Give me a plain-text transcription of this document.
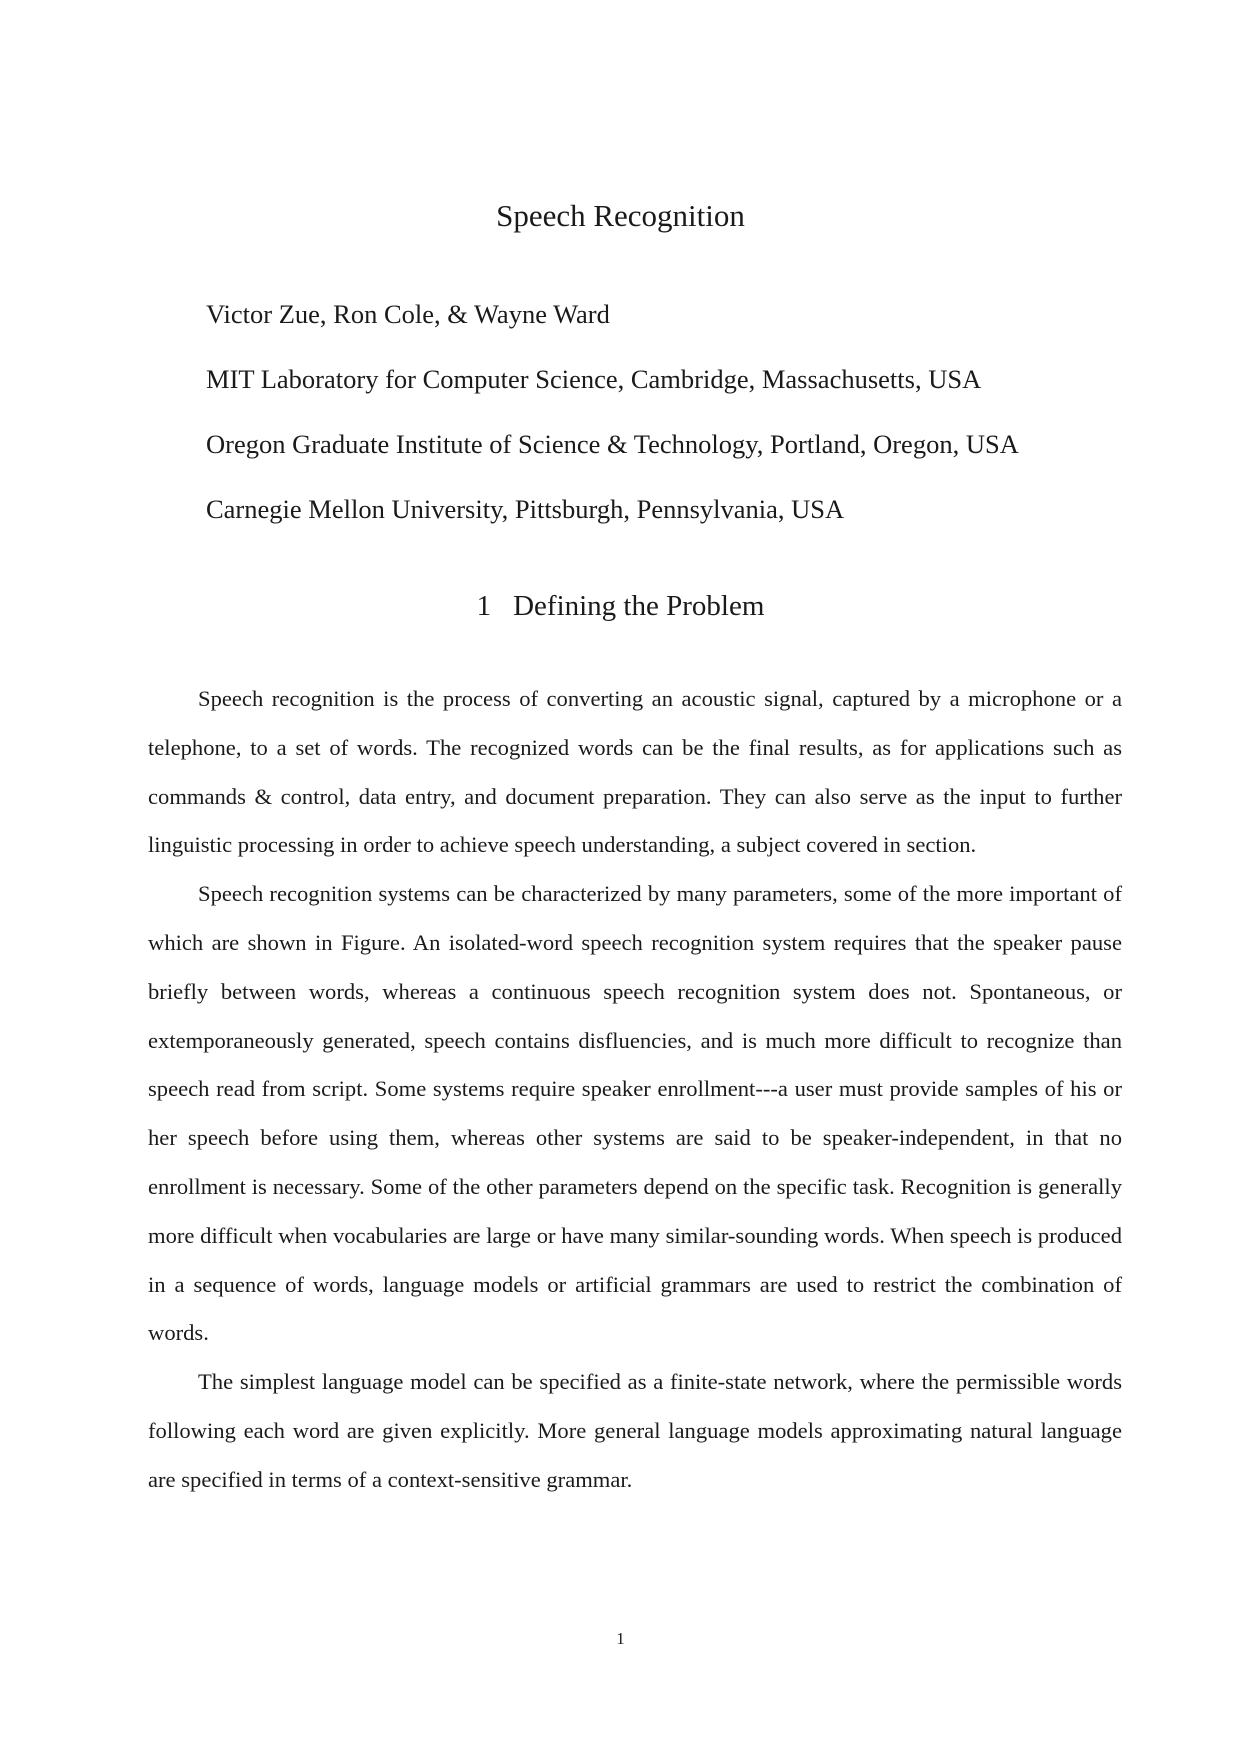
Speech Recognition
Victor Zue, Ron Cole, & Wayne Ward
MIT Laboratory for Computer Science, Cambridge, Massachusetts, USA
Oregon Graduate Institute of Science & Technology, Portland, Oregon, USA
Carnegie Mellon University, Pittsburgh, Pennsylvania, USA
1 Defining the Problem

Speech recognition is the process of converting an acoustic signal, captured by a microphone or a telephone, to a set of words. The recognized words can be the final results, as for applications such as commands & control, data entry, and document preparation. They can also serve as the input to further linguistic processing in order to achieve speech understanding, a subject covered in section.

Speech recognition systems can be characterized by many parameters, some of the more important of which are shown in Figure. An isolated-word speech recognition system requires that the speaker pause briefly between words, whereas a continuous speech recognition system does not. Spontaneous, or extemporaneously generated, speech contains disfluencies, and is much more difficult to recognize than speech read from script. Some systems require speaker enrollment---a user must provide samples of his or her speech before using them, whereas other systems are said to be speaker-independent, in that no enrollment is necessary. Some of the other parameters depend on the specific task. Recognition is generally more difficult when vocabularies are large or have many similar-sounding words. When speech is produced in a sequence of words, language models or artificial grammars are used to restrict the combination of words.

The simplest language model can be specified as a finite-state network, where the permissible words following each word are given explicitly. More general language models approximating natural language are specified in terms of a context-sensitive grammar.

1
